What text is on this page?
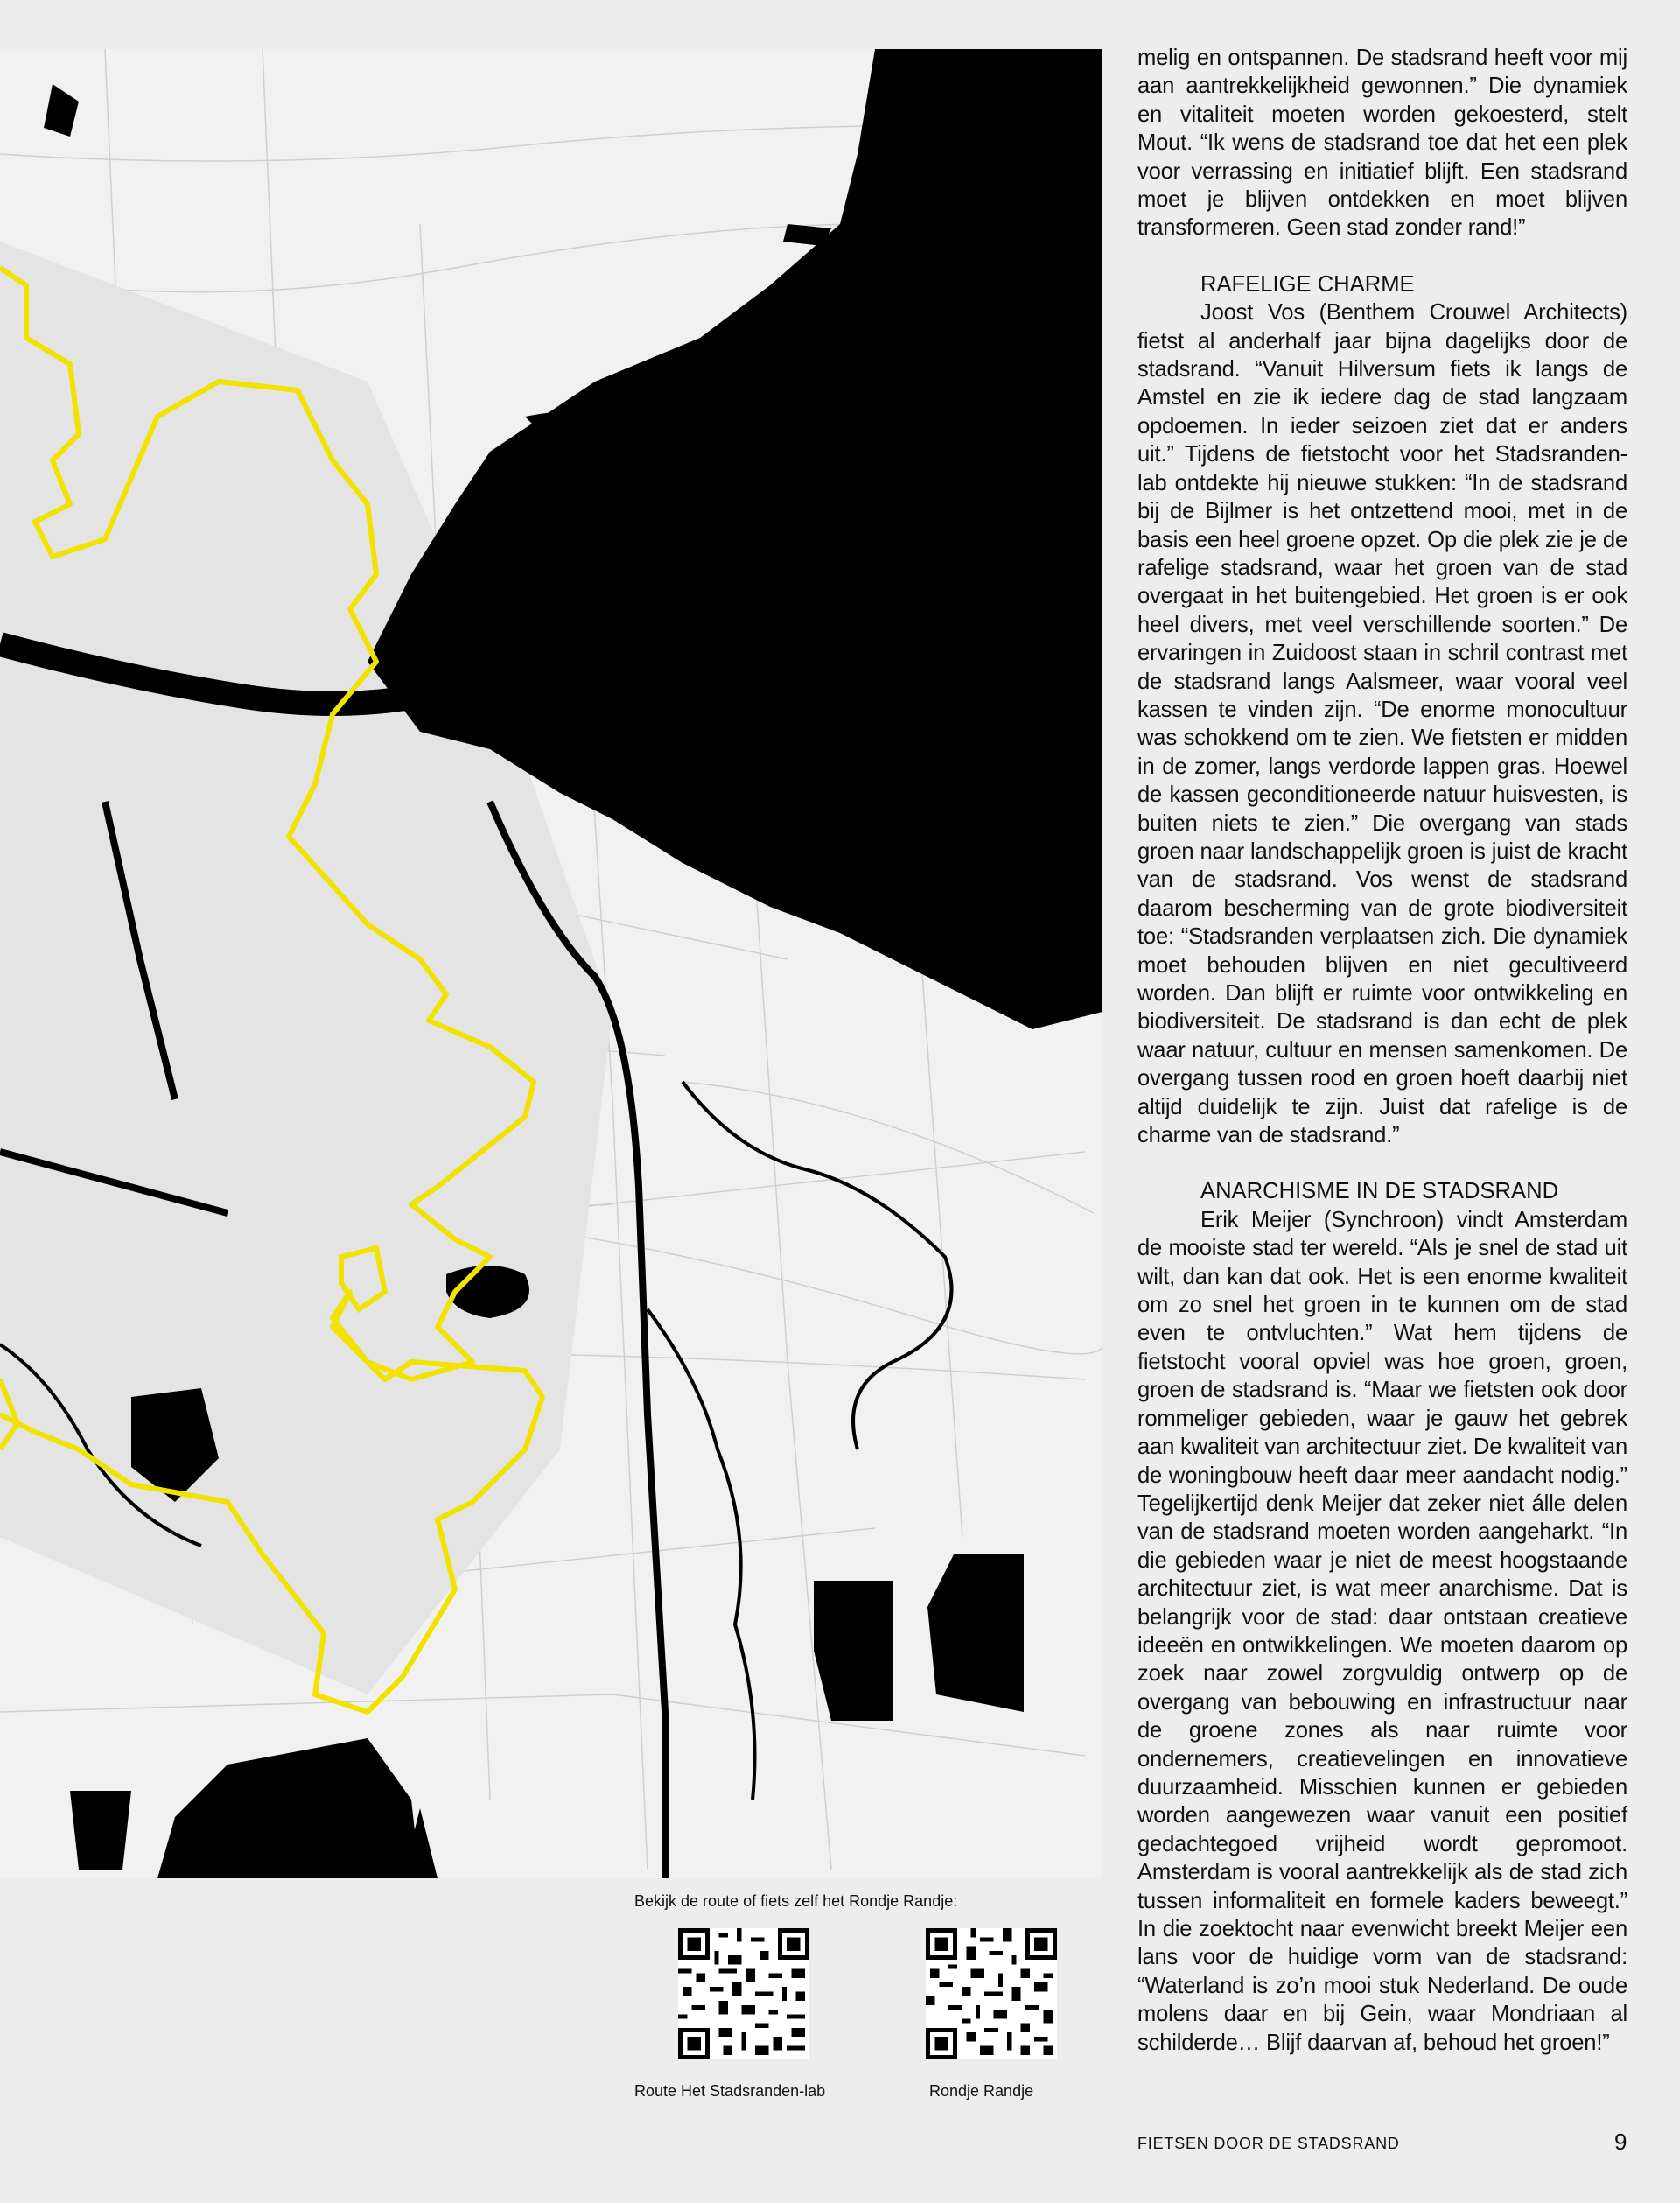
melig en ontspannen. De stadsrand heeft voor mij aan aantrekkelijkheid gewonnen.” Die dynamiek en vitaliteit moeten worden gekoesterd, stelt Mout. “Ik wens de stadsrand toe dat het een plek voor verrassing en initiatief blijft. Een stadsrand moet je blijven ontdekken en moet blijven transformeren. Geen stad zonder rand!”

RAFELIGE CHARME

Joost Vos (Benthem Crouwel Architects) fietst al anderhalf jaar bijna dagelijks door de stadsrand. “Vanuit Hilversum fiets ik langs de Amstel en zie ik iedere dag de stad langzaam opdoemen. In ieder seizoen ziet dat er anders uit.” Tijdens de fietstocht voor het Stadsranden-lab ontdekte hij nieuwe stukken: “In de stadsrand bij de Bijlmer is het ontzettend mooi, met in de basis een heel groene opzet. Op die plek zie je de rafelige stadsrand, waar het groen van de stad overgaat in het buitengebied. Het groen is er ook heel divers, met veel verschillende soorten.” De ervaringen in Zuidoost staan in schril contrast met de stadsrand langs Aalsmeer, waar vooral veel kassen te vinden zijn. “De enorme monocultuur was schokkend om te zien. We fietsten er midden in de zomer, langs verdorde lappen gras. Hoewel de kassen geconditioneerde natuur huisvesten, is buiten niets te zien.” Die overgang van stads groen naar landschappelijk groen is juist de kracht van de stadsrand. Vos wenst de stadsrand daarom bescherming van de grote biodiversiteit toe: “Stadsranden verplaatsen zich. Die dynamiek moet behouden blijven en niet gecultiveerd worden. Dan blijft er ruimte voor ontwikkeling en biodiversiteit. De stadsrand is dan echt de plek waar natuur, cultuur en mensen samenkomen. De overgang tussen rood en groen hoeft daarbij niet altijd duidelijk te zijn. Juist dat rafelige is de charme van de stadsrand.”

ANARCHISME IN DE STADSRAND

Erik Meijer (Synchroon) vindt Amsterdam de mooiste stad ter wereld. “Als je snel de stad uit wilt, dan kan dat ook. Het is een enorme kwaliteit om zo snel het groen in te kunnen om de stad even te ontvluchten.” Wat hem tijdens de fietstocht vooral opviel was hoe groen, groen, groen de stadsrand is. “Maar we fietsten ook door rommeliger gebieden, waar je gauw het gebrek aan kwaliteit van architectuur ziet. De kwaliteit van de woningbouw heeft daar meer aandacht nodig.” Tegelijkertijd denk Meijer dat zeker niet álle delen van de stadsrand moeten worden aangeharkt. “In die gebieden waar je niet de meest hoogstaande architectuur ziet, is wat meer anarchisme. Dat is belangrijk voor de stad: daar ontstaan creatieve ideeën en ontwikkelingen. We moeten daarom op zoek naar zowel zorgvuldig ontwerp op de overgang van bebouwing en infrastructuur naar de groene zones als naar ruimte voor ondernemers, creatievelingen en innovatieve duurzaamheid. Misschien kunnen er gebieden worden aangewezen waar vanuit een positief gedachtegoed vrijheid wordt gepromoot. Amsterdam is vooral aantrekkelijk als de stad zich tussen informaliteit en formele kaders beweegt.” In die zoektocht naar evenwicht breekt Meijer een lans voor de huidige vorm van de stadsrand: “Waterland is zo’n mooi stuk Nederland. De oude molens daar en bij Gein, waar Mondriaan al schilderde… Blijf daarvan af, behoud het groen!”

Bekijk de route of fiets zelf het Rondje Randje:
Route Het Stadsranden-lab	Rondje Randje
FIETSEN DOOR DE STADSRAND	9
